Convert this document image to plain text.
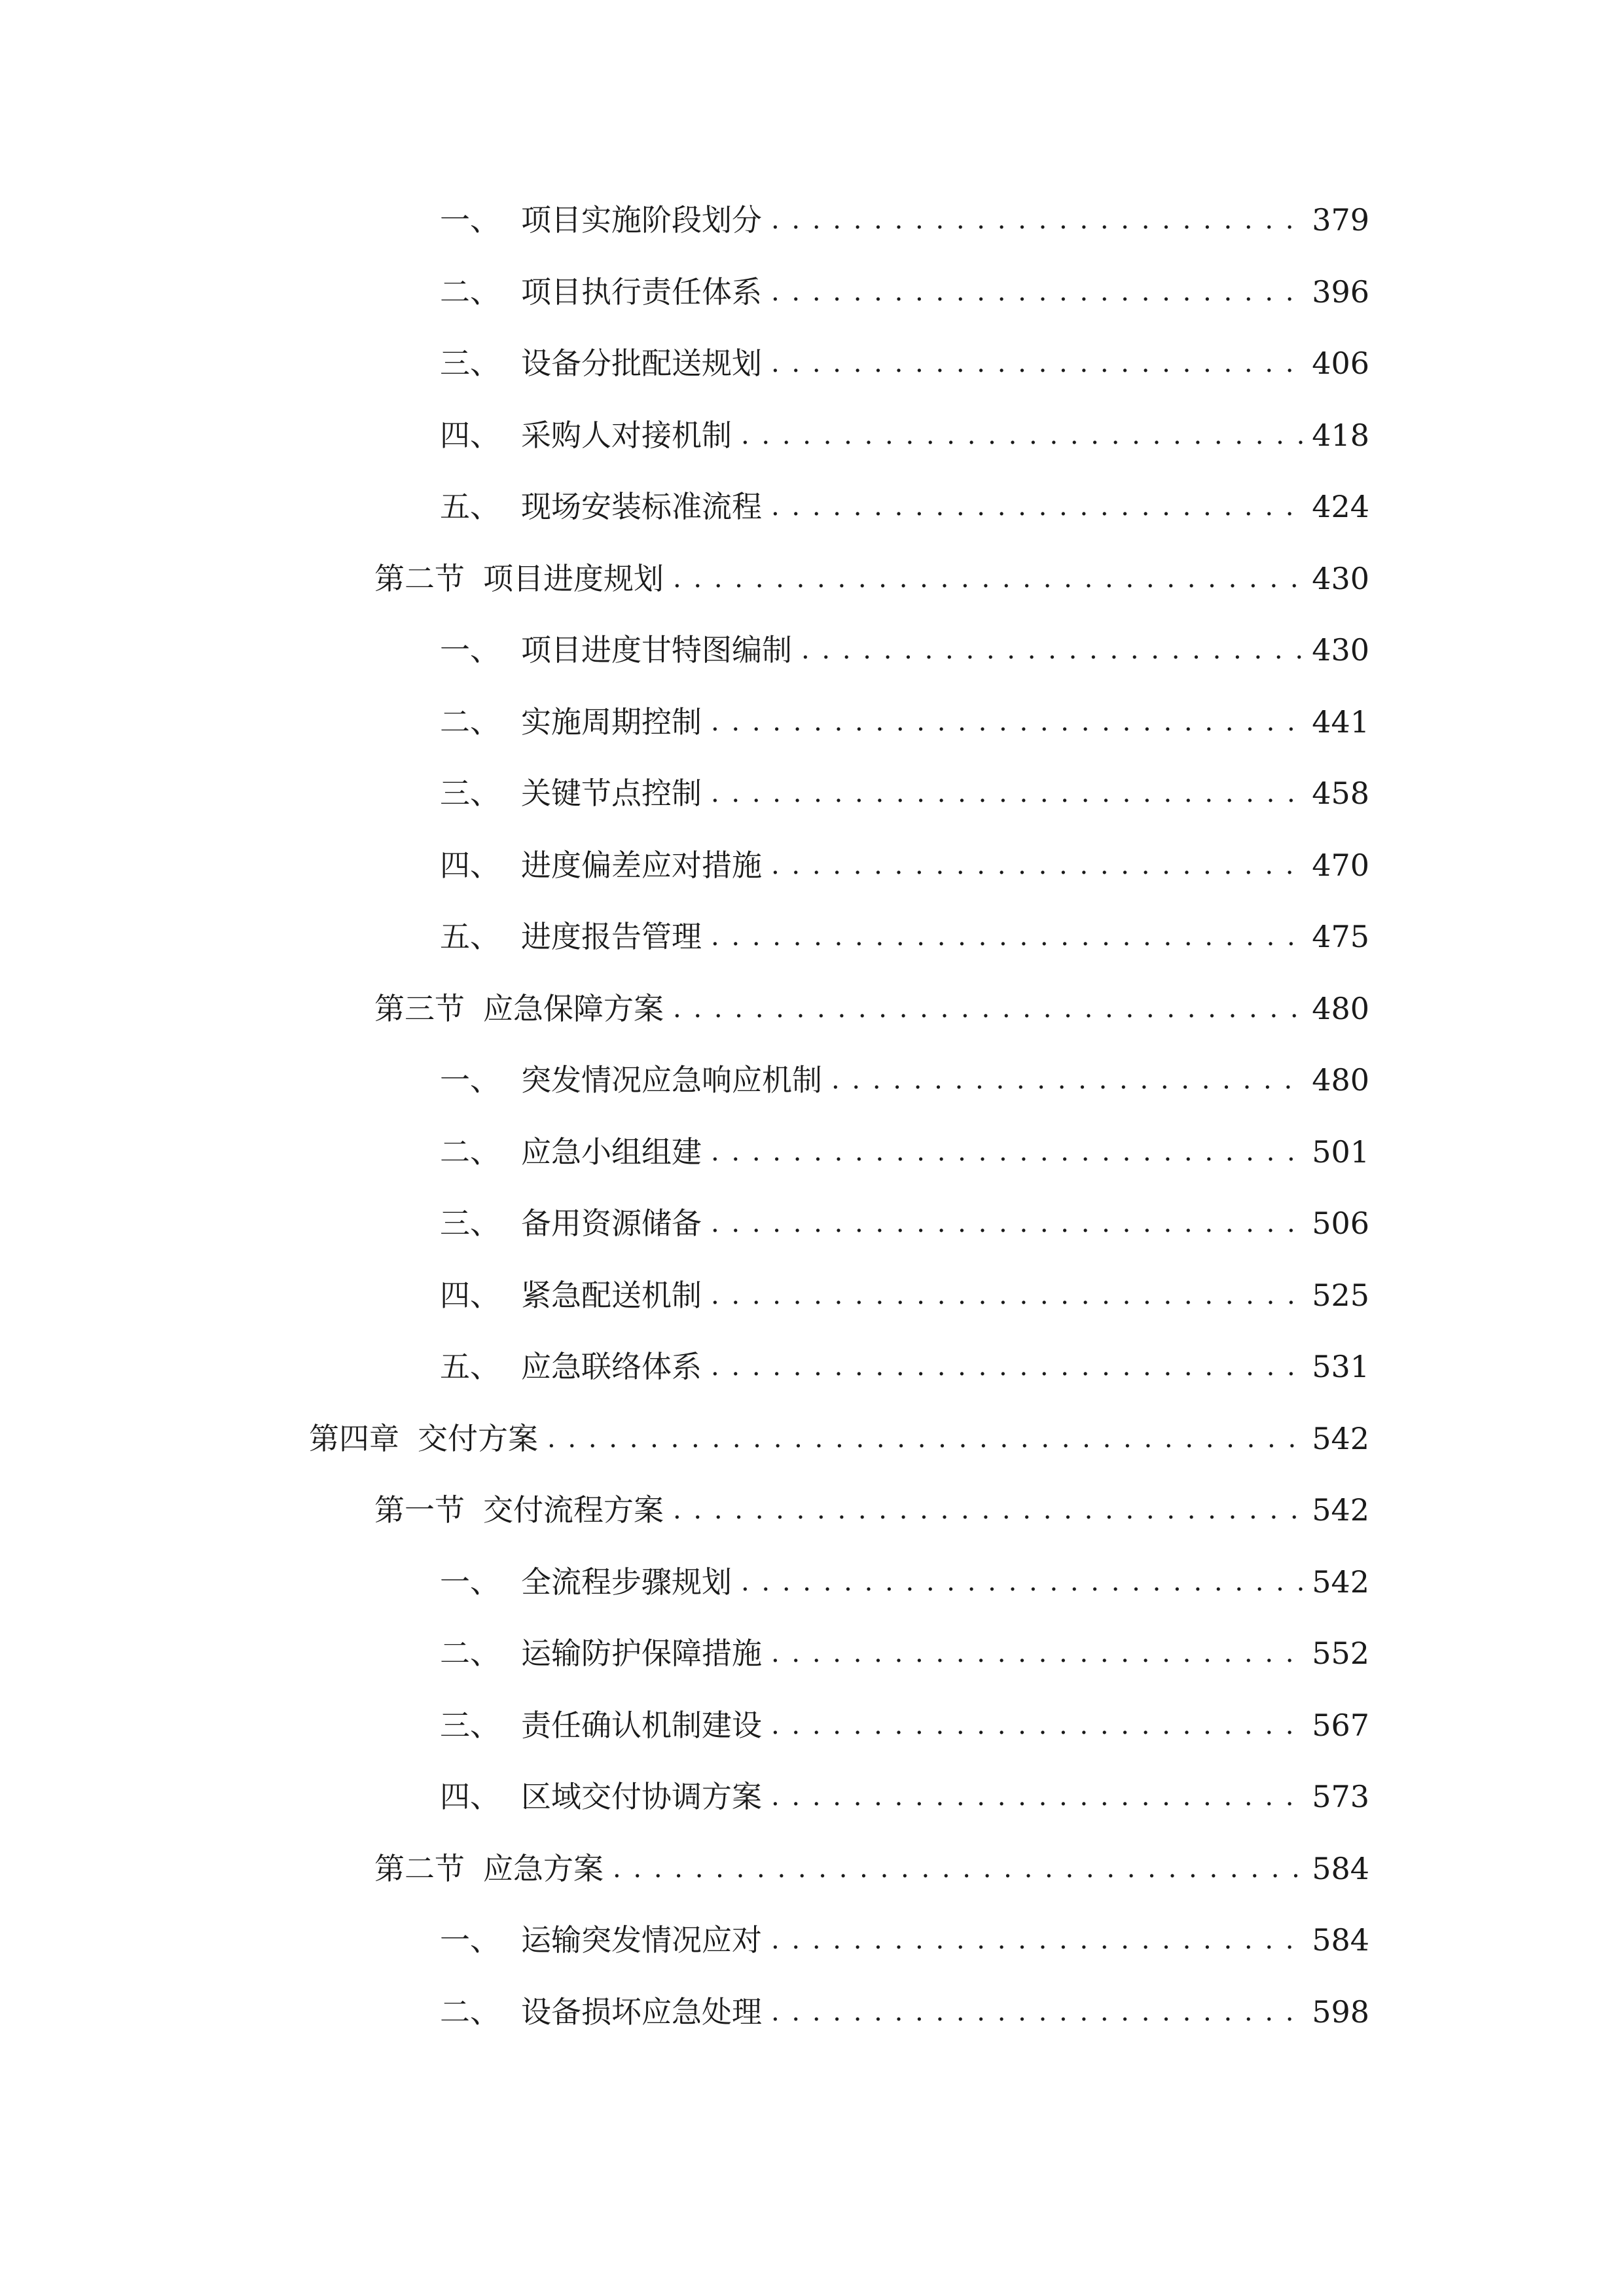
一、 项目实施阶段划分 . . .	379
二、 项目执行责任体系 . . .	396
三、 设备分批配送规划 . . .	406
四、 采购人对接机制 . . .	418
五、 现场安装标准流程 . . .	424
第二节 项目进度规划 . . .	430
一、 项目进度甘特图编制 . . .	430
二、 实施周期控制 . . .	441
三、 关键节点控制 . . .	458
四、 进度偏差应对措施 . . .	470
五、 进度报告管理 . . .	475
第三节 应急保障方案 . . .	480
一、 突发情况应急响应机制 . . .	480
二、 应急小组组建 . . .	501
三、 备用资源储备 . . .	506
四、 紧急配送机制 . . .	525
五、 应急联络体系 . . .	531
第四章 交付方案 . . .	542
第一节 交付流程方案 . . .	542
一、 全流程步骤规划 . . .	542
二、 运输防护保障措施 . . .	552
三、 责任确认机制建设 . . .	567
四、 区域交付协调方案 . . .	573
第二节 应急方案 . . .	584
一、 运输突发情况应对 . . .	584
二、 设备损坏应急处理 . . .	598
